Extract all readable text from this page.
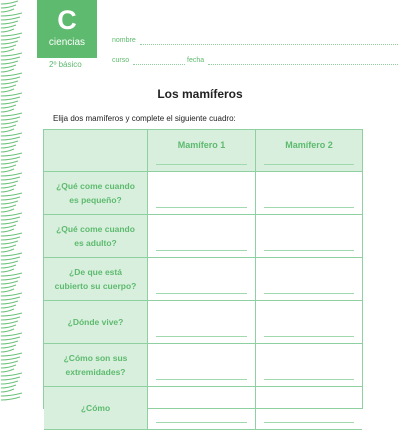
C
ciencias
2º básico
nombre
curso	fecha
Los mamíferos
Elija dos mamíferos y complete el siguiente cuadro:
Mamífero 1	Mamífero 2
¿Qué come cuando
es pequeño?
¿Qué come cuando
es adulto?
¿De que está
cubierto su cuerpo?
¿Dónde vive?
¿Cómo son sus
extremidades?
¿Cómo
